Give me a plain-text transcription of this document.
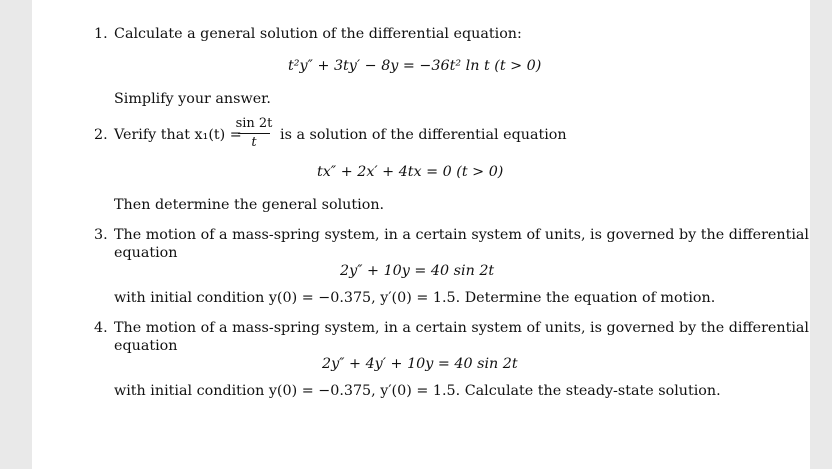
1. Calculate a general solution of the differential equation:
t²y″ + 3ty′ − 8y = −36t² ln t (t > 0)
Simplify your answer.
2. Verify that x₁(t) =
sin 2t
t	is a solution of the differential equation
tx″ + 2x′ + 4tx = 0 (t > 0)
Then determine the general solution.
3. The motion of a mass-spring system, in a certain system of units, is governed by the differential
equation
2y″ + 10y = 40 sin 2t
with initial condition y(0) = −0.375, y′(0) = 1.5. Determine the equation of motion.
4. The motion of a mass-spring system, in a certain system of units, is governed by the differential
equation
2y″ + 4y′ + 10y = 40 sin 2t
with initial condition y(0) = −0.375, y′(0) = 1.5. Calculate the steady-state solution.
